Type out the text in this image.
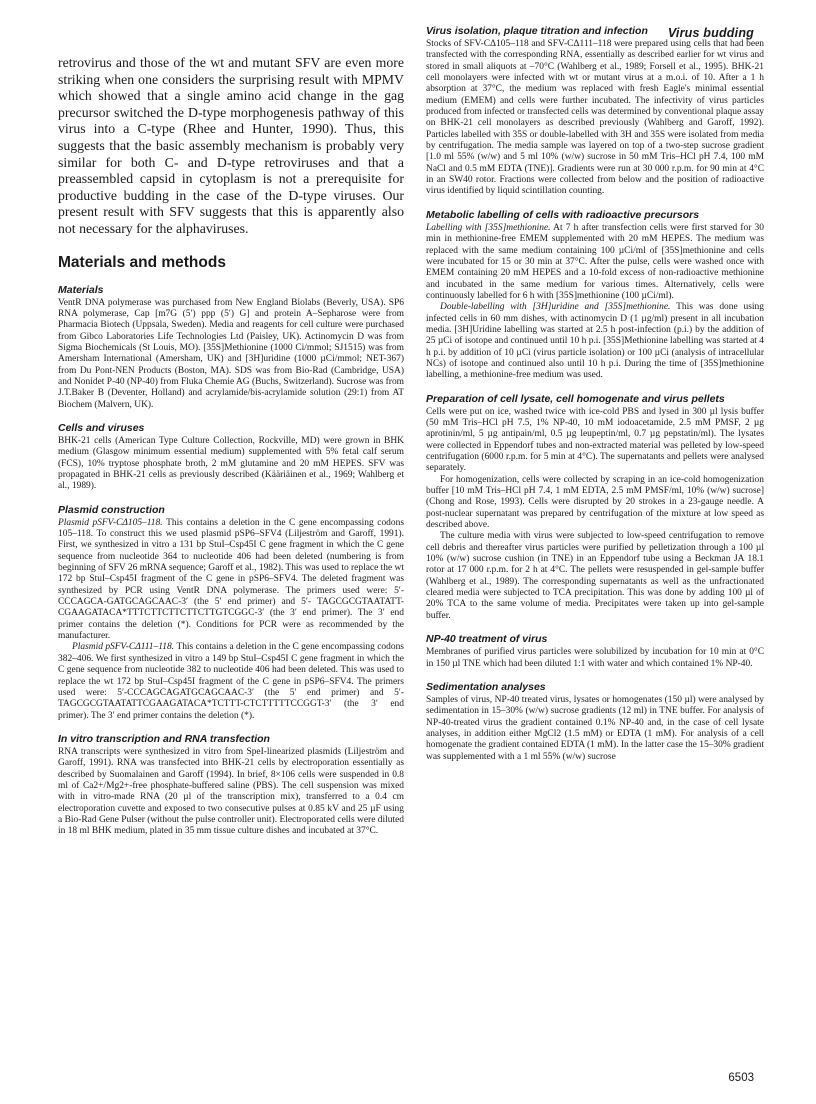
Virus budding

retrovirus and those of the wt and mutant SFV are even more striking when one considers the surprising result with MPMV which showed that a single amino acid change in the gag precursor switched the D-type morphogenesis pathway of this virus into a C-type (Rhee and Hunter, 1990). Thus, this suggests that the basic assembly mechanism is probably very similar for both C- and D-type retroviruses and that a preassembled capsid in cytoplasm is not a prerequisite for productive budding in the case of the D-type viruses. Our present result with SFV suggests that this is apparently also not necessary for the alphaviruses.

Materials and methods
Materials

VentR DNA polymerase was purchased from New England Biolabs (Beverly, USA). SP6 RNA polymerase, Cap [m7G (5′) ppp (5′) G] and protein A–Sepharose were from Pharmacia Biotech (Uppsala, Sweden). Media and reagents for cell culture were purchased from Gibco Laboratories Life Technologies Ltd (Paisley, UK). Actinomycin D was from Sigma Biochemicals (St Louis, MO). [35S]Methionine (1000 Ci/mmol; SJ1515) was from Amersham International (Amersham, UK) and [3H]uridine (1000 µCi/mmol; NET-367) from Du Pont-NEN Products (Boston, MA). SDS was from Bio-Rad (Cambridge, USA) and Nonidet P-40 (NP-40) from Fluka Chemie AG (Buchs, Switzerland). Sucrose was from J.T.Baker B (Deventer, Holland) and acrylamide/bis-acrylamide solution (29:1) from AT Biochem (Malvern, UK).

Cells and viruses

BHK-21 cells (American Type Culture Collection, Rockville, MD) were grown in BHK medium (Glasgow minimum essential medium) supplemented with 5% fetal calf serum (FCS), 10% tryptose phosphate broth, 2 mM glutamine and 20 mM HEPES. SFV was propagated in BHK-21 cells as previously described (Kääriäinen et al., 1969; Wahlberg et al., 1989).

Plasmid construction

Plasmid pSFV-CΔ105–118. This contains a deletion in the C gene encompassing codons 105–118. To construct this we used plasmid pSP6–SFV4 (Liljeström and Garoff, 1991). First, we synthesized in vitro a 131 bp StuI–Csp45I C gene fragment in which the C gene sequence from nucleotide 364 to nucleotide 406 had been deleted (numbering is from beginning of SFV 26 mRNA sequence; Garoff et al., 1982). This was used to replace the wt 172 bp StuI–Csp45I fragment of the C gene in pSP6–SFV4. The deleted fragment was synthesized by PCR using VentR DNA polymerase. The primers used were: 5′-CCCAGCA-GATGCAGCAAC-3′ (the 5′ end primer) and 5′- TAGCGCGTAATATT-CGAAGATACA*TTTCTTCTTCTTCTTGTCGGC-3′ (the 3′ end primer). The 3′ end primer contains the deletion (*). Conditions for PCR were as recommended by the manufacturer.

Plasmid pSFV-CΔ111–118. This contains a deletion in the C gene encompassing codons 382–406. We first synthesized in vitro a 149 bp StuI–Csp45I C gene fragment in which the C gene sequence from nucleotide 382 to nucleotide 406 had been deleted. This was used to replace the wt 172 bp StuI–Csp45I fragment of the C gene in pSP6–SFV4. The primers used were: 5′-CCCAGCAGATGCAGCAAC-3′ (the 5′ end primer) and 5′- TAGCGCGTAATATTCGAAGATACA*TCTTT-CTCTTTTTCCGGT-3′ (the 3′ end primer). The 3′ end primer contains the deletion (*).

In vitro transcription and RNA transfection

RNA transcripts were synthesized in vitro from SpeI-linearized plasmids (Liljeström and Garoff, 1991). RNA was transfected into BHK-21 cells by electroporation essentially as described by Suomalainen and Garoff (1994). In brief, 8×106 cells were suspended in 0.8 ml of Ca2+/Mg2+-free phosphate-buffered saline (PBS). The cell suspension was mixed with in vitro-made RNA (20 µl of the transcription mix), transferred to a 0.4 cm electroporation cuvette and exposed to two consecutive pulses at 0.85 kV and 25 µF using a Bio-Rad Gene Pulser (without the pulse controller unit). Electroporated cells were diluted in 18 ml BHK medium, plated in 35 mm tissue culture dishes and incubated at 37°C.

Virus isolation, plaque titration and infection

Stocks of SFV-CΔ105–118 and SFV-CΔ111–118 were prepared using cells that had been transfected with the corresponding RNA, essentially as described earlier for wt virus and stored in small aliquots at –70°C (Wahlberg et al., 1989; Forsell et al., 1995). BHK-21 cell monolayers were infected with wt or mutant virus at a m.o.i. of 10. After a 1 h absorption at 37°C, the medium was replaced with fresh Eagle's minimal essential medium (EMEM) and cells were further incubated. The infectivity of virus particles produced from infected or transfected cells was determined by conventional plaque assay on BHK-21 cell monolayers as described previously (Wahlberg and Garoff, 1992). Particles labelled with 35S or double-labelled with 3H and 35S were isolated from media by centrifugation. The media sample was layered on top of a two-step sucrose gradient [1.0 ml 55% (w/w) and 5 ml 10% (w/w) sucrose in 50 mM Tris–HCl pH 7.4, 100 mM NaCl and 0.5 mM EDTA (TNE)]. Gradients were run at 30 000 r.p.m. for 90 min at 4°C in an SW40 rotor. Fractions were collected from below and the position of radioactive virus identified by liquid scintillation counting.

Metabolic labelling of cells with radioactive precursors

Labelling with [35S]methionine. At 7 h after transfection cells were first starved for 30 min in methionine-free EMEM supplemented with 20 mM HEPES. The medium was replaced with the same medium containing 100 µCi/ml of [35S]methionine and cells were incubated for 15 or 30 min at 37°C. After the pulse, cells were washed once with EMEM containing 20 mM HEPES and a 10-fold excess of non-radioactive methionine and incubated in the same medium for various times. Alternatively, cells were continuously labelled for 6 h with [35S]methionine (100 µCi/ml).

Double-labelling with [3H]uridine and [35S]methionine. This was done using infected cells in 60 mm dishes, with actinomycin D (1 µg/ml) present in all incubation media. [3H]Uridine labelling was started at 2.5 h post-infection (p.i.) by the addition of 25 µCi of isotope and continued until 10 h p.i. [35S]Methionine labelling was started at 4 h p.i. by addition of 10 µCi (virus particle isolation) or 100 µCi (analysis of intracellular NCs) of isotope and continued also until 10 h p.i. During the time of [35S]methionine labelling, a methionine-free medium was used.

Preparation of cell lysate, cell homogenate and virus pellets

Cells were put on ice, washed twice with ice-cold PBS and lysed in 300 µl lysis buffer (50 mM Tris–HCl pH 7.5, 1% NP-40, 10 mM iodoacetamide, 2.5 mM PMSF, 2 µg aprotinin/ml, 5 µg antipain/ml, 0.5 µg leupeptin/ml, 0.7 µg pepstatin/ml). The lysates were collected in Eppendorf tubes and non-extracted material was pelleted by low-speed centrifugation (6000 r.p.m. for 5 min at 4°C). The supernatants and pellets were analysed separately.

For homogenization, cells were collected by scraping in an ice-cold homogenization buffer [10 mM Tris–HCl pH 7.4, 1 mM EDTA, 2.5 mM PMSF/ml, 10% (w/w) sucrose] (Chong and Rose, 1993). Cells were disrupted by 20 strokes in a 23-gauge needle. A post-nuclear supernatant was prepared by centrifugation of the mixture at low speed as described above.

The culture media with virus were subjected to low-speed centrifugation to remove cell debris and thereafter virus particles were purified by pelletization through a 100 µl 10% (w/w) sucrose cushion (in TNE) in an Eppendorf tube using a Beckman JA 18.1 rotor at 17 000 r.p.m. for 2 h at 4°C. The pellets were resuspended in gel-sample buffer (Wahlberg et al., 1989). The corresponding supernatants as well as the unfractionated cleared media were subjected to TCA precipitation. This was done by adding 100 µl of 20% TCA to the same volume of media. Precipitates were taken up into gel-sample buffer.

NP-40 treatment of virus

Membranes of purified virus particles were solubilized by incubation for 10 min at 0°C in 150 µl TNE which had been diluted 1:1 with water and which contained 1% NP-40.

Sedimentation analyses

Samples of virus, NP-40 treated virus, lysates or homogenates (150 µl) were analysed by sedimentation in 15–30% (w/w) sucrose gradients (12 ml) in TNE buffer. For analysis of NP-40-treated virus the gradient contained 0.1% NP-40 and, in the case of cell lysate analyses, in addition either MgCl2 (1.5 mM) or EDTA (1 mM). For analysis of a cell homogenate the gradient contained EDTA (1 mM). In the latter case the 15–30% gradient was supplemented with a 1 ml 55% (w/w) sucrose

6503
